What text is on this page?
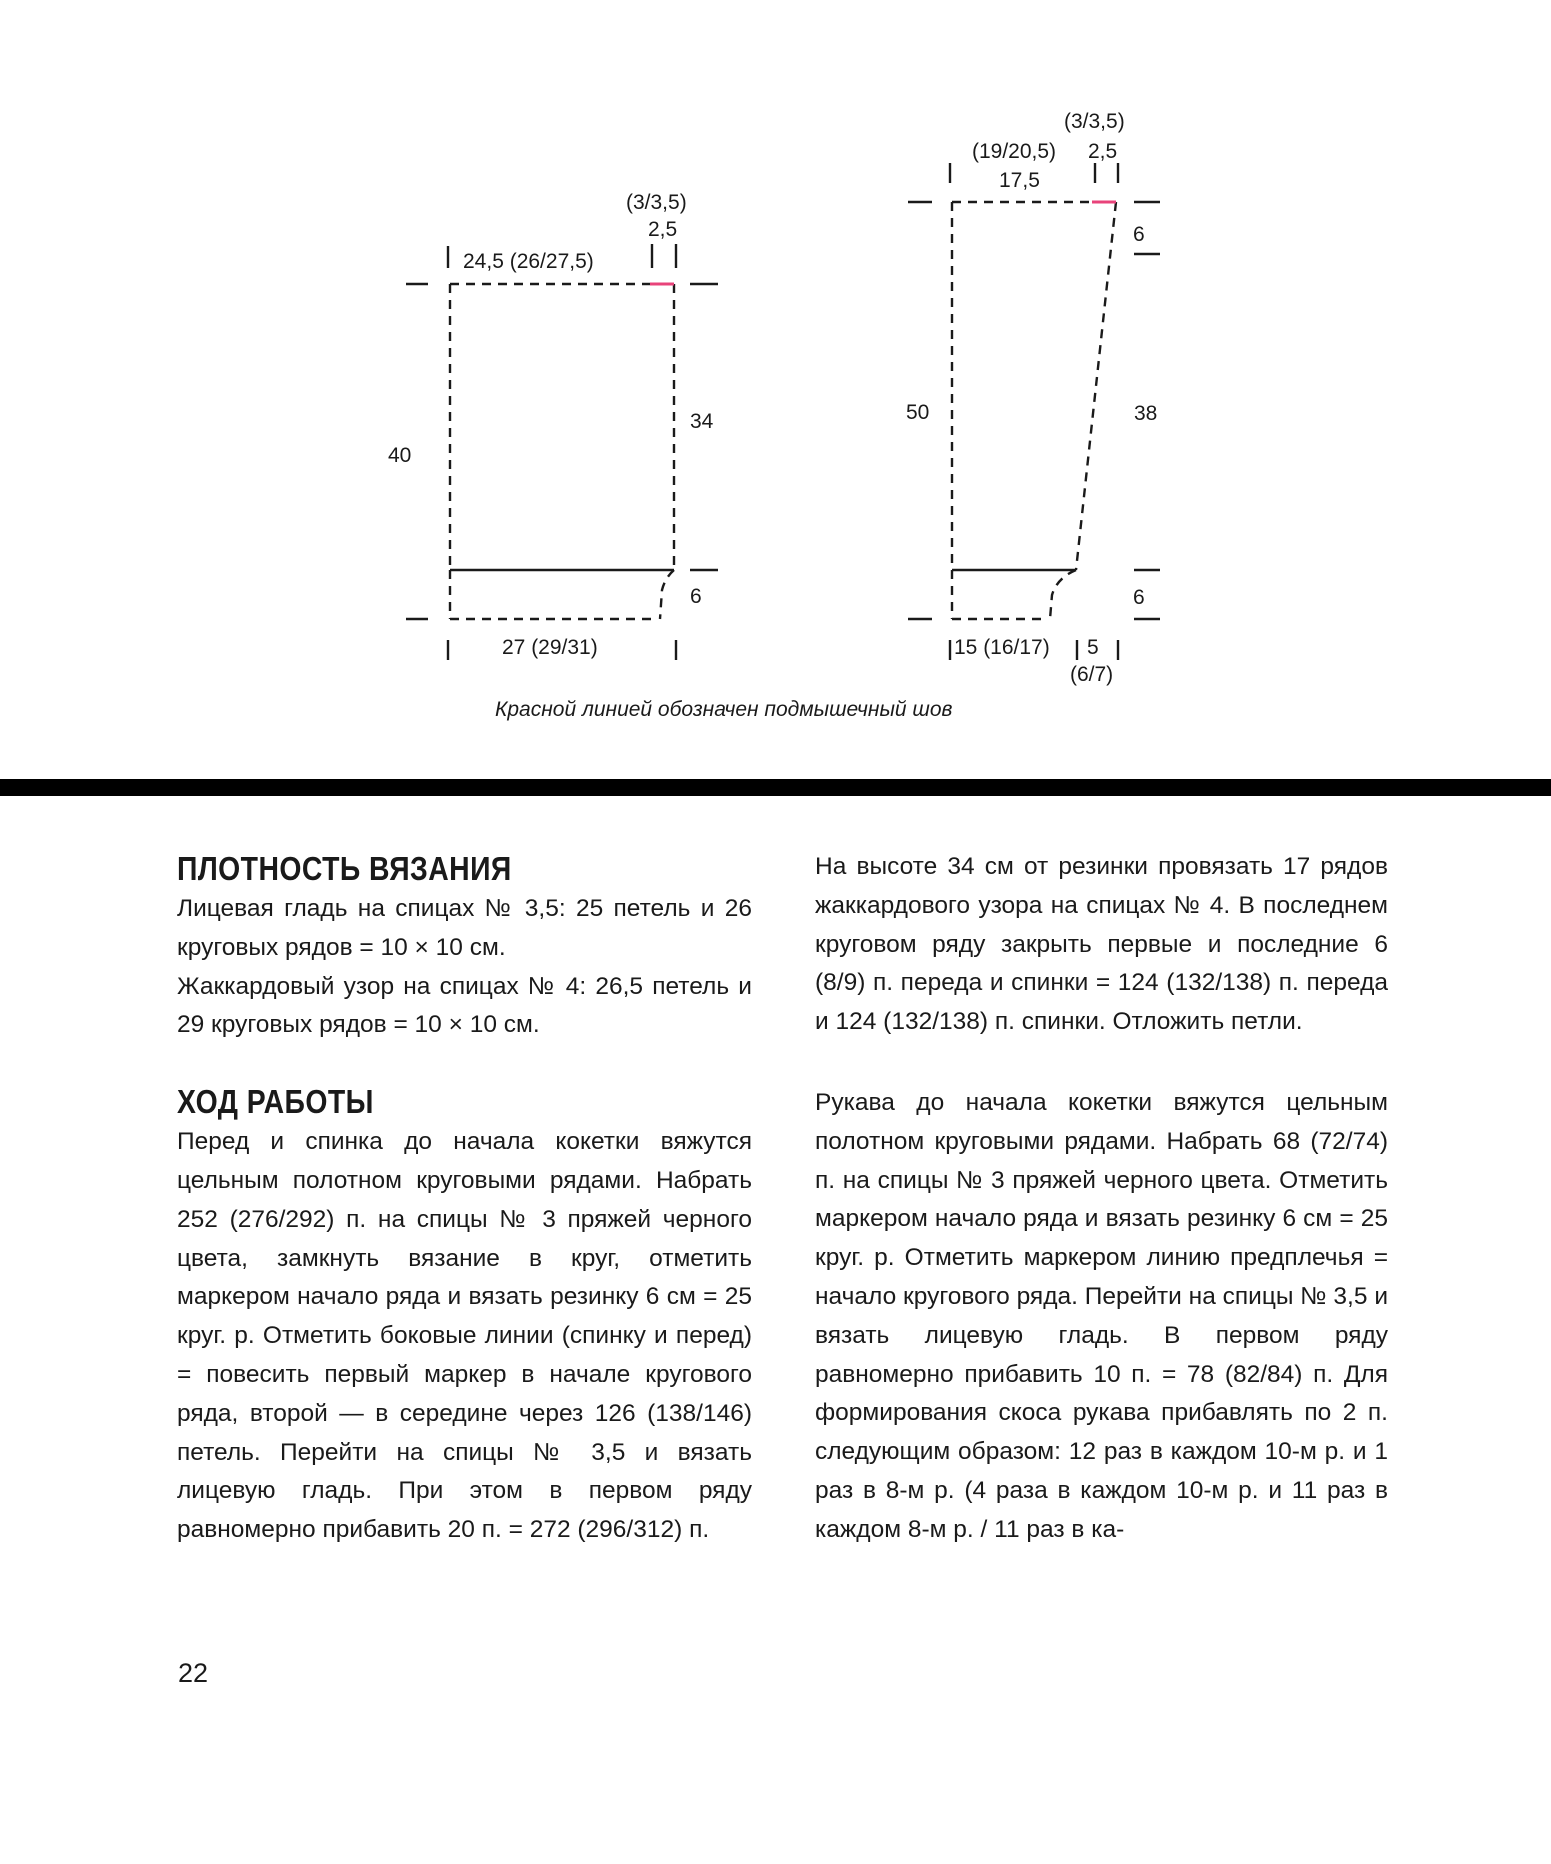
24,5 (26/27,5)
(3/3,5)
2,5
40
34
6
27 (29/31)
(19/20,5)
17,5
(3/3,5)
2,5
6
50	38
6
15 (16/17) 5
(6/7)
Красной линией обозначен подмышечный шов
ПЛОТНОСТЬ ВЯЗАНИЯ

Лицевая гладь на спицах № 3,5: 25 петель и 26 круговых рядов = 10 × 10 см.

Жаккардовый узор на спицах № 4: 26,5 петель и 29 круговых рядов = 10 × 10 см.

ХОД РАБОТЫ

Перед и спинка до начала кокетки вяжутся цельным полотном круговыми рядами. Набрать 252 (276/292) п. на спицы № 3 пряжей черного цвета, замкнуть вязание в круг, отметить маркером начало ряда и вязать резинку 6 см = 25 круг. р. Отметить боковые линии (спинку и перед) = повесить первый маркер в начале кругового ряда, второй — в середине через 126 (138/146) петель. Перейти на спицы № 3,5 и вязать лицевую гладь. При этом в первом ряду равномерно прибавить 20 п. = 272 (296/312) п.

На высоте 34 см от резинки провязать 17 рядов жаккардового узора на спицах № 4. В последнем круговом ряду закрыть первые и последние 6 (8/9) п. переда и спинки = 124 (132/138) п. переда и 124 (132/138) п. спинки. Отложить петли.

Рукава до начала кокетки вяжутся цельным полотном круговыми рядами. Набрать 68 (72/74) п. на спицы № 3 пряжей черного цвета. Отметить маркером начало ряда и вязать резинку 6 см = 25 круг. р. Отметить маркером линию предплечья = начало кругового ряда. Перейти на спицы № 3,5 и вязать лицевую гладь. В первом ряду равномерно прибавить 10 п. = 78 (82/84) п. Для формирования скоса рукава прибавлять по 2 п. следующим образом: 12 раз в каждом 10-м р. и 1 раз в 8-м р. (4 раза в каждом 10-м р. и 11 раз в каждом 8-м р. / 11 раз в ка-

22
